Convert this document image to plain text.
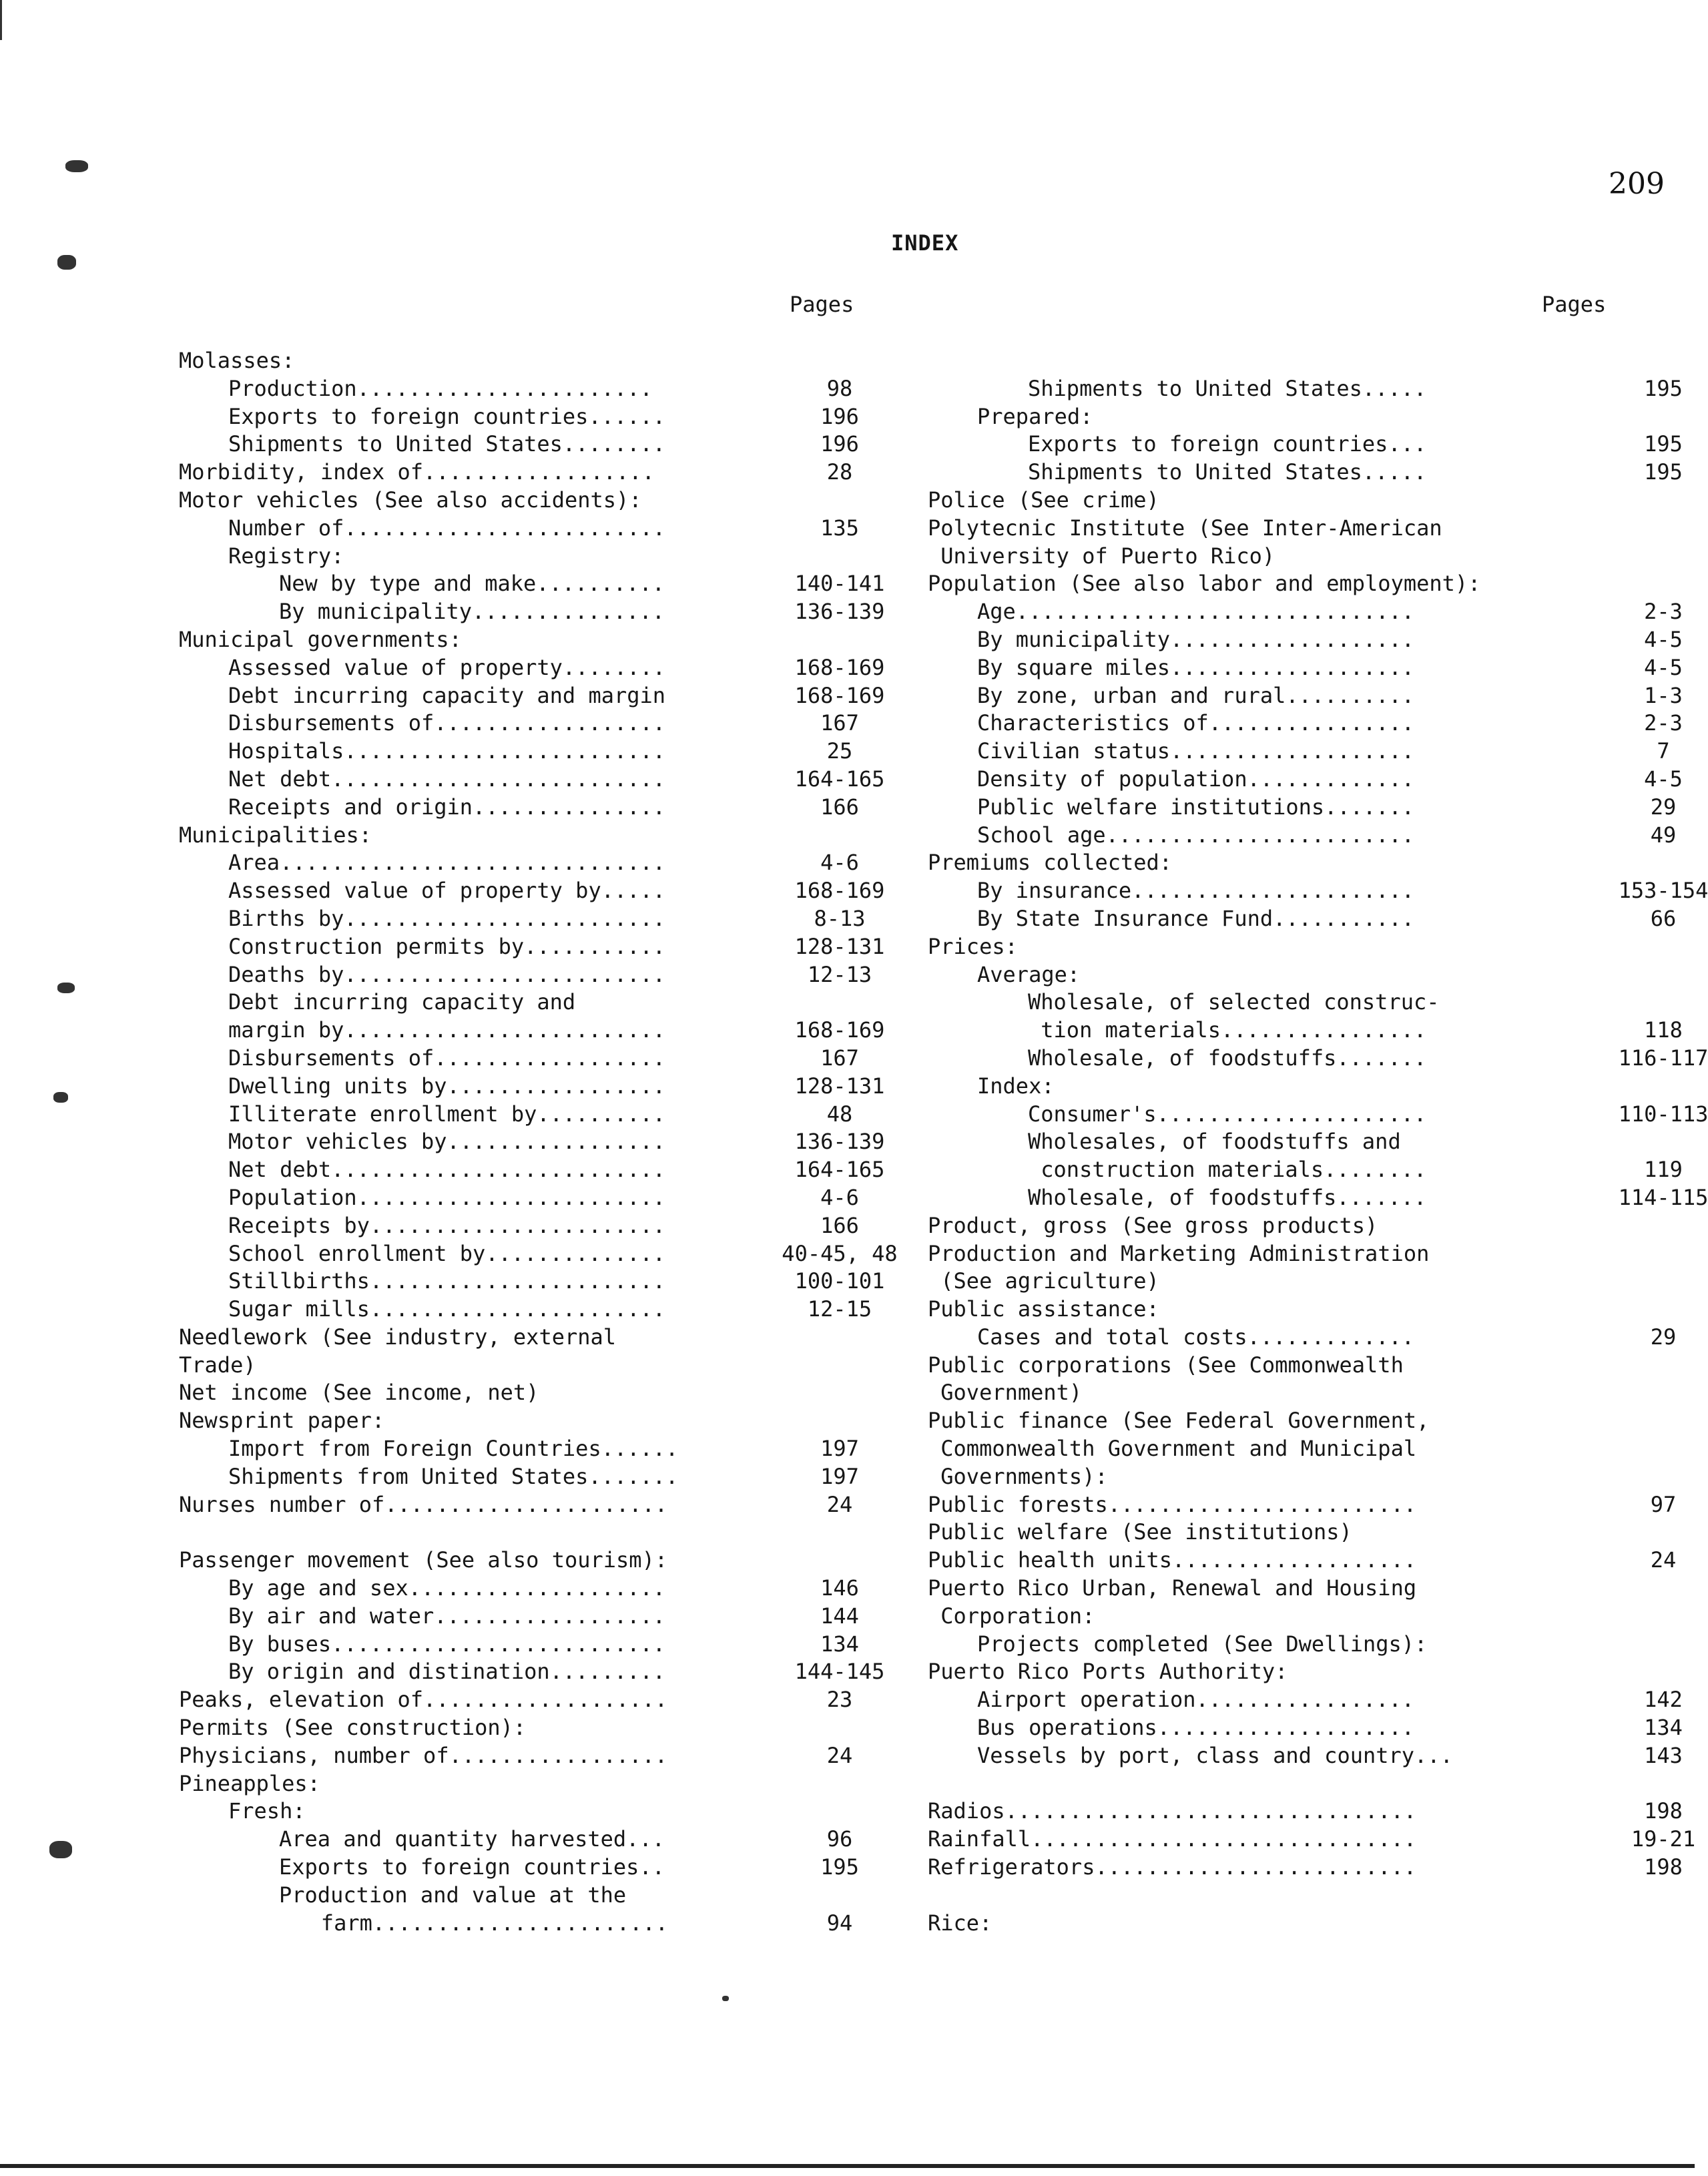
209
INDEX
Pages	Pages
Molasses:
Production.......................	98
Exports to foreign countries......	196
Shipments to United States........	196
Morbidity, index of..................	28
Motor vehicles (See also accidents):
Number of.........................	135
Registry:
New by type and make..........	140-141
By municipality...............	136-139
Municipal governments:
Assessed value of property........	168-169
Debt incurring capacity and margin	168-169
Disbursements of..................	167
Hospitals.........................	25
Net debt..........................	164-165
Receipts and origin...............	166
Municipalities:
Area..............................	4-6
Assessed value of property by.....	168-169
Births by.........................	8-13
Construction permits by...........	128-131
Deaths by.........................	12-13
Debt incurring capacity and
margin by.........................	168-169
Disbursements of..................	167
Dwelling units by.................	128-131
Illiterate enrollment by..........	48
Motor vehicles by.................	136-139
Net debt..........................	164-165
Population........................	4-6
Receipts by.......................	166
School enrollment by..............	40-45, 48
Stillbirths.......................	100-101
Sugar mills.......................	12-15
Needlework (See industry, external
Trade)
Net income (See income, net)
Newsprint paper:
Import from Foreign Countries......	197
Shipments from United States.......	197
Nurses number of......................	24
Passenger movement (See also tourism):
By age and sex....................	146
By air and water..................	144
By buses..........................	134
By origin and distination.........	144-145
Peaks, elevation of...................	23
Permits (See construction):
Physicians, number of.................	24
Pineapples:
Fresh:
Area and quantity harvested...	96
Exports to foreign countries..	195
Production and value at the
farm.......................	94
Shipments to United States.....	195
Prepared:
Exports to foreign countries...	195
Shipments to United States.....	195
Police (See crime)
Polytecnic Institute (See Inter-American
University of Puerto Rico)
Population (See also labor and employment):
Age...............................	2-3
By municipality...................	4-5
By square miles...................	4-5
By zone, urban and rural..........	1-3
Characteristics of................	2-3
Civilian status...................	7
Density of population.............	4-5
Public welfare institutions.......	29
School age........................	49
Premiums collected:
By insurance......................	153-154
By State Insurance Fund...........	66
Prices:
Average:
Wholesale, of selected construc-
tion materials................	118
Wholesale, of foodstuffs.......	116-117
Index:
Consumer's.....................	110-113
Wholesales, of foodstuffs and
construction materials........	119
Wholesale, of foodstuffs.......	114-115
Product, gross (See gross products)
Production and Marketing Administration
(See agriculture)
Public assistance:
Cases and total costs.............	29
Public corporations (See Commonwealth
Government)
Public finance (See Federal Government,
Commonwealth Government and Municipal
Governments):
Public forests........................	97
Public welfare (See institutions)
Public health units...................	24
Puerto Rico Urban, Renewal and Housing
Corporation:
Projects completed (See Dwellings):
Puerto Rico Ports Authority:
Airport operation.................	142
Bus operations....................	134
Vessels by port, class and country...	143
Radios................................	198
Rainfall..............................	19-21
Refrigerators.........................	198
Rice:
